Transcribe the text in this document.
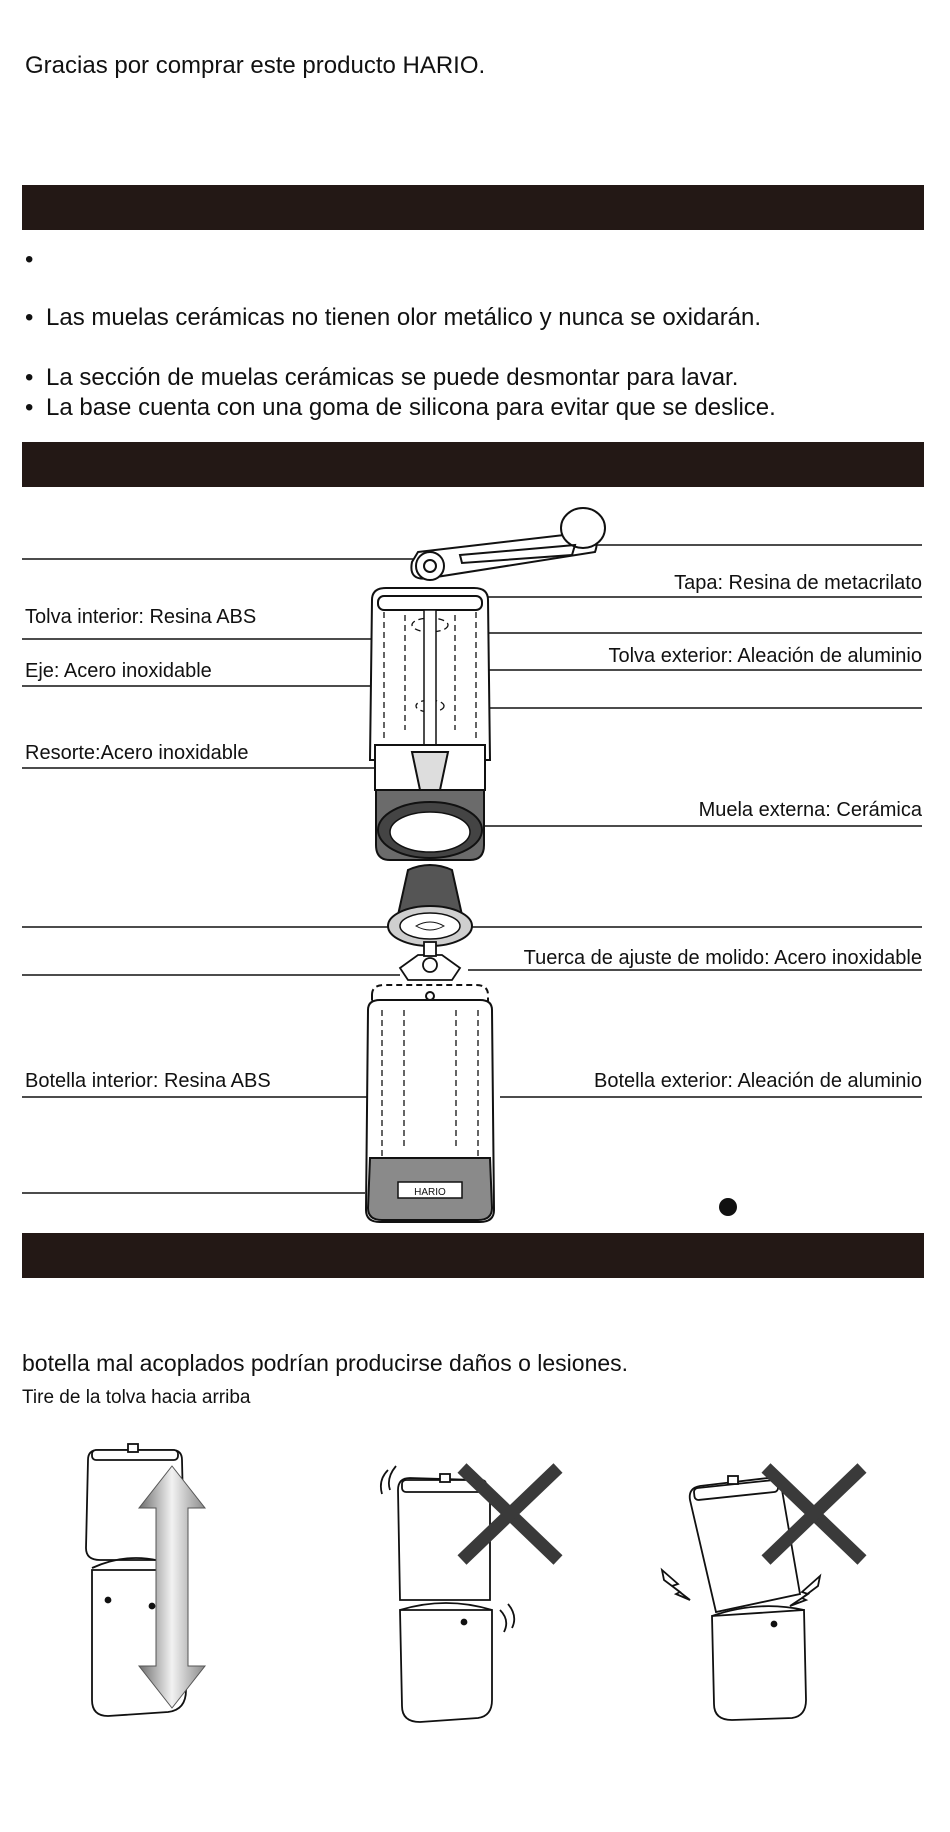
Gracias por comprar este producto HARIO.
•
• Las muelas cerámicas no tienen olor metálico y nunca se oxidarán.
• La sección de muelas cerámicas se puede desmontar para lavar.
• La base cuenta con una goma de silicona para evitar que se deslice.
HARIO
Tolva interior: Resina ABS
Eje: Acero inoxidable
Resorte:Acero inoxidable
Botella interior: Resina ABS
Tapa: Resina de metacrilato
Tolva exterior: Aleación de aluminio
Muela externa: Cerámica
Tuerca de ajuste de molido: Acero inoxidable
Botella exterior: Aleación de aluminio
botella mal acoplados podrían producirse daños o lesiones.
Tire de la tolva hacia arriba
